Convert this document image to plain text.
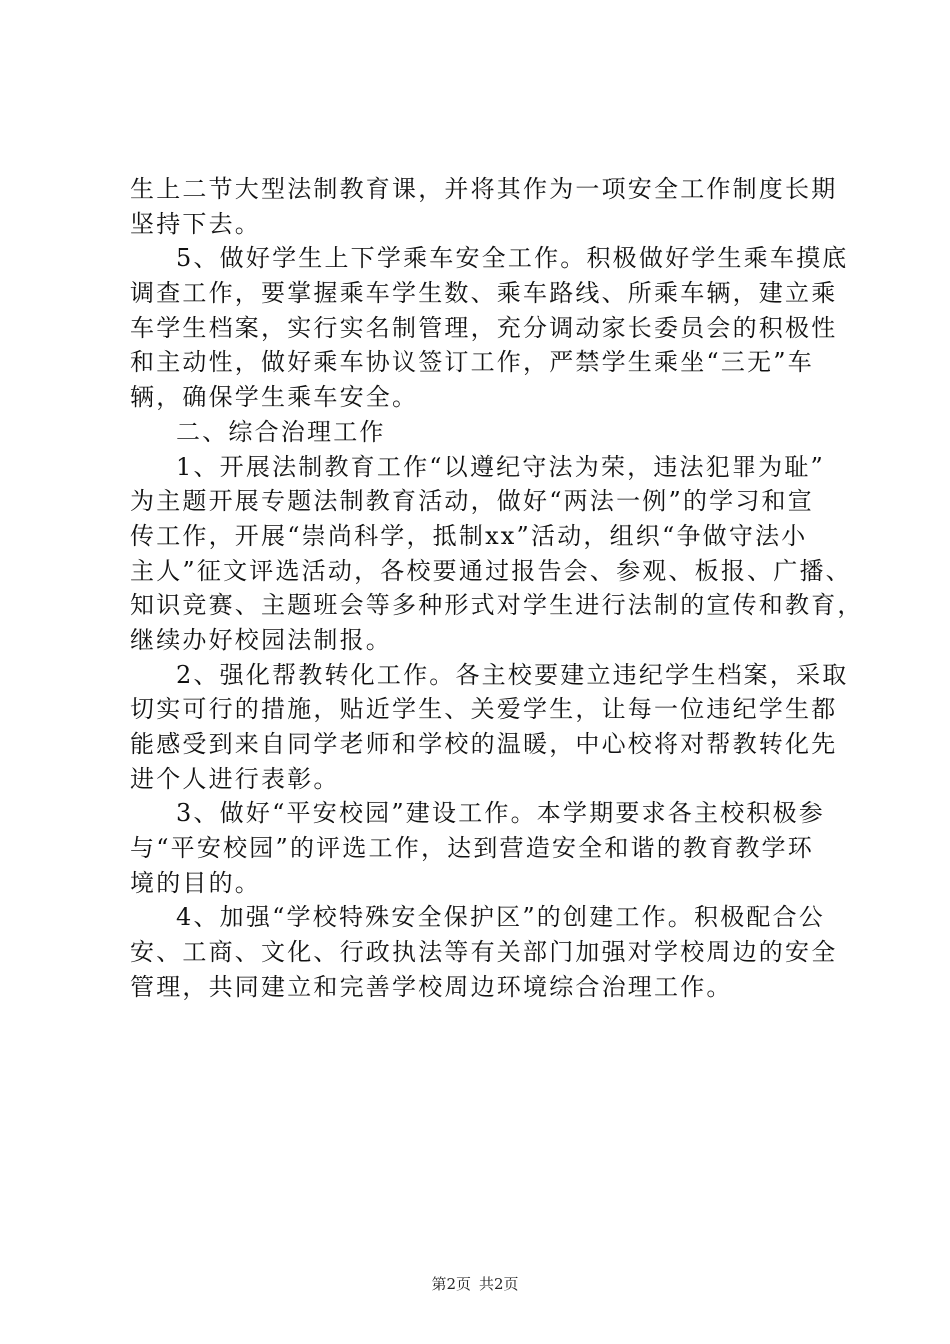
生上二节大型法制教育课，并将其作为一项安全工作制度长期
坚持下去。
5、做好学生上下学乘车安全工作。积极做好学生乘车摸底
调查工作，要掌握乘车学生数、乘车路线、所乘车辆，建立乘
车学生档案，实行实名制管理，充分调动家长委员会的积极性
和主动性，做好乘车协议签订工作，严禁学生乘坐“三无”车
辆，确保学生乘车安全。
二、综合治理工作
1、开展法制教育工作“以遵纪守法为荣，违法犯罪为耻”
为主题开展专题法制教育活动，做好“两法一例”的学习和宣
传工作，开展“崇尚科学，抵制xx”活动，组织“争做守法小
主人”征文评选活动，各校要通过报告会、参观、板报、广播、
知识竞赛、主题班会等多种形式对学生进行法制的宣传和教育，
继续办好校园法制报。
2、强化帮教转化工作。各主校要建立违纪学生档案，采取
切实可行的措施，贴近学生、关爱学生，让每一位违纪学生都
能感受到来自同学老师和学校的温暖，中心校将对帮教转化先
进个人进行表彰。
3、做好“平安校园”建设工作。本学期要求各主校积极参
与“平安校园”的评选工作，达到营造安全和谐的教育教学环
境的目的。
4、加强“学校特殊安全保护区”的创建工作。积极配合公
安、工商、文化、行政执法等有关部门加强对学校周边的安全
管理，共同建立和完善学校周边环境综合治理工作。
第2页 共2页
